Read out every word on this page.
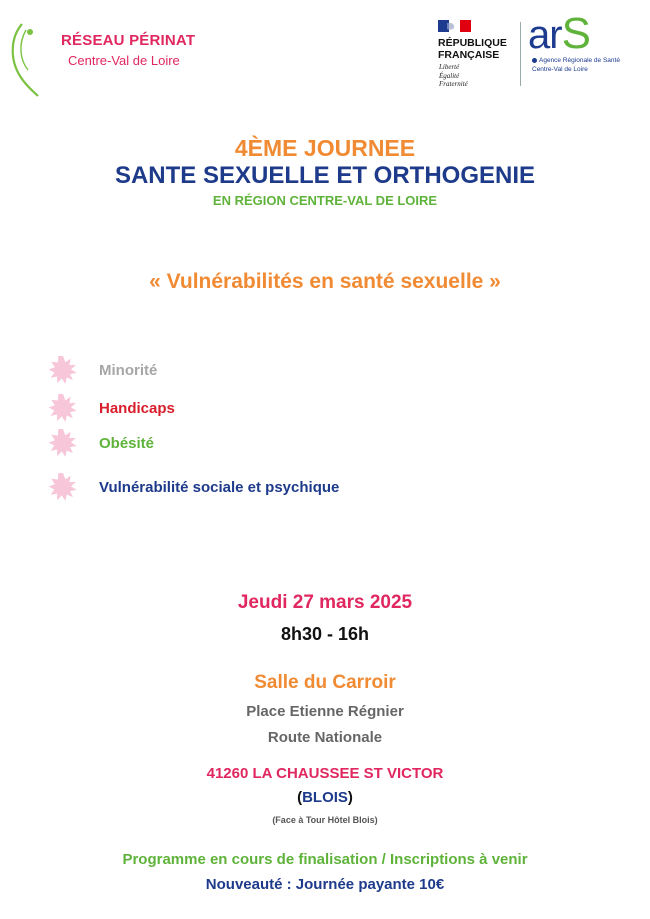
RÉSEAU PÉRINAT
Centre-Val de Loire
RÉPUBLIQUE
FRANÇAISE
Liberté
Égalité
Fraternité
arS
Agence Régionale de Santé
Centre-Val de Loire
4ÈME JOURNEE
SANTE SEXUELLE ET ORTHOGENIE
EN RÉGION CENTRE-VAL DE LOIRE
« Vulnérabilités en santé sexuelle »
Minorité
Handicaps
Obésité
Vulnérabilité sociale et psychique
Jeudi 27 mars 2025
8h30 - 16h
Salle du Carroir
Place Etienne Régnier
Route Nationale
41260 LA CHAUSSEE ST VICTOR
(BLOIS)
(Face à Tour Hôtel Blois)
Programme en cours de finalisation / Inscriptions à venir
Nouveauté : Journée payante 10€
